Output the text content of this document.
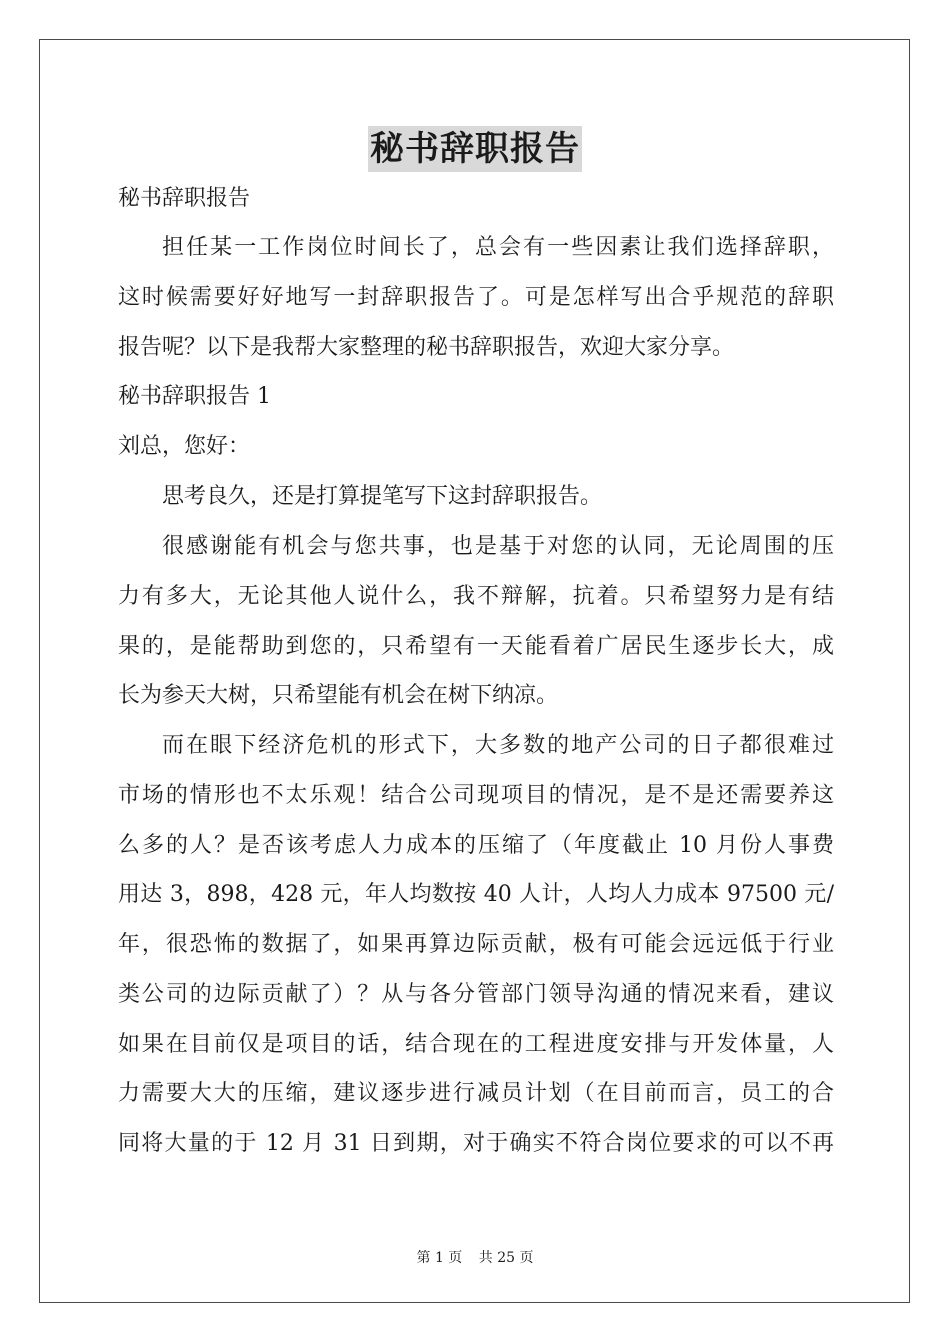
秘书辞职报告
秘书辞职报告
担任某一工作岗位时间长了，总会有一些因素让我们选择辞职，
这时候需要好好地写一封辞职报告了。可是怎样写出合乎规范的辞职
报告呢？以下是我帮大家整理的秘书辞职报告，欢迎大家分享。
秘书辞职报告 1
刘总，您好：
思考良久，还是打算提笔写下这封辞职报告。
很感谢能有机会与您共事，也是基于对您的认同，无论周围的压
力有多大，无论其他人说什么，我不辩解，抗着。只希望努力是有结
果的，是能帮助到您的，只希望有一天能看着广居民生逐步长大，成
长为参天大树，只希望能有机会在树下纳凉。
而在眼下经济危机的形式下，大多数的地产公司的日子都很难过
市场的情形也不太乐观！结合公司现项目的情况，是不是还需要养这
么多的人？是否该考虑人力成本的压缩了（年度截止 10 月份人事费
用达 3，898，428 元，年人均数按 40 人计，人均人力成本 97500 元/
年，很恐怖的数据了，如果再算边际贡献，极有可能会远远低于行业
类公司的边际贡献了）？从与各分管部门领导沟通的情况来看，建议
如果在目前仅是项目的话，结合现在的工程进度安排与开发体量，人
力需要大大的压缩，建议逐步进行减员计划（在目前而言，员工的合
同将大量的于 12 月 31 日到期，对于确实不符合岗位要求的可以不再
第 1 页 共 25 页
